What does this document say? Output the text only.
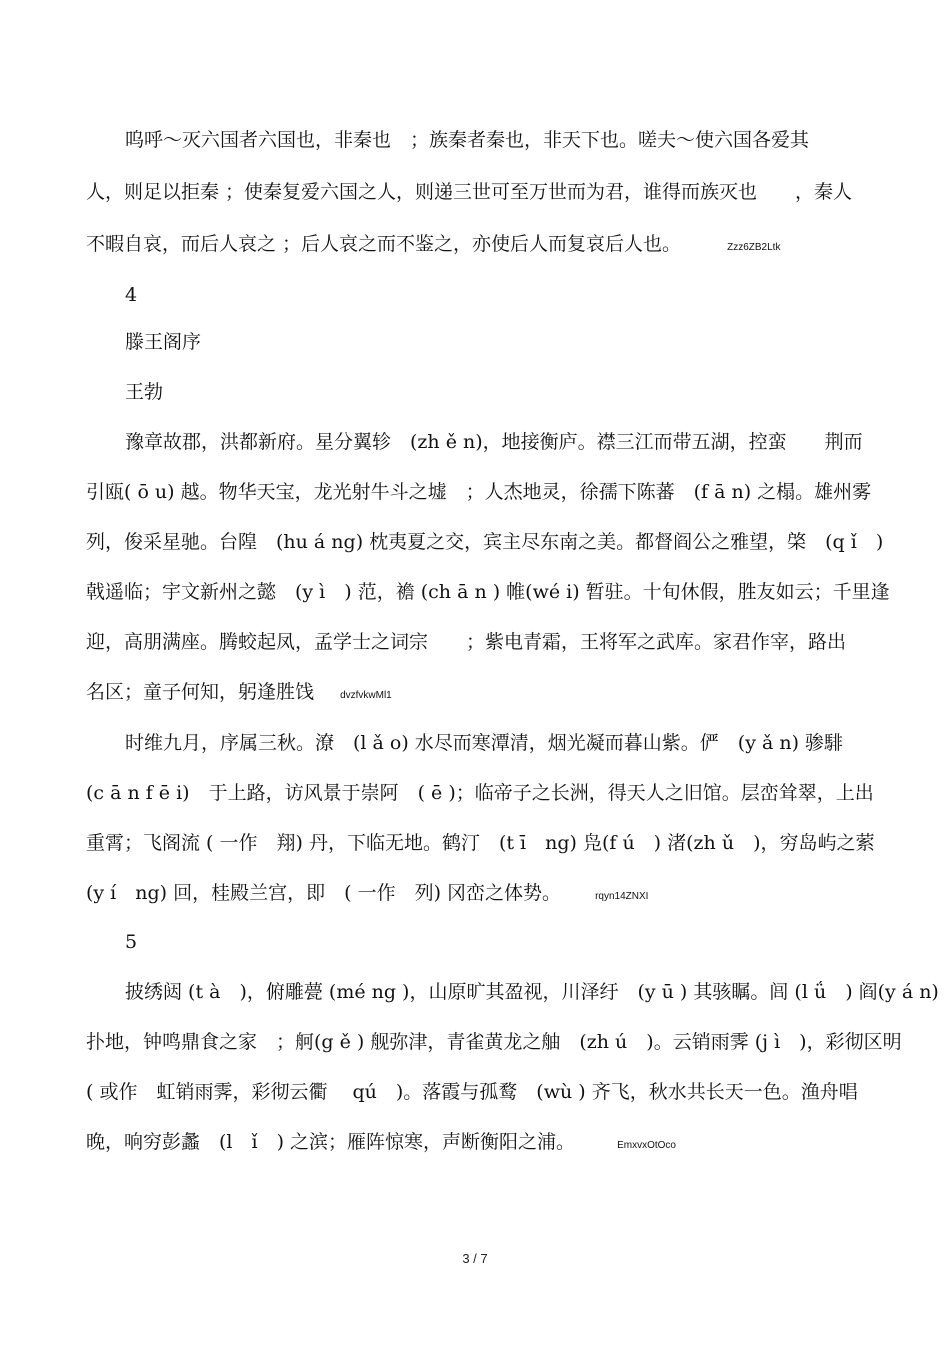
呜呼～灭六国者六国也，非秦也　；族秦者秦也，非天下也。嗟夫～使六国各爱其
人，则足以拒秦 ；使秦复爱六国之人，则递三世可至万世而为君，谁得而族灭也　　，秦人
不暇自哀，而后人哀之 ；后人哀之而不鉴之，亦使后人而复哀后人也。	Zzz6ZB2Ltk
4
滕王阁序
王勃
豫章故郡，洪都新府。星分翼轸　(zh ě n)，地接衡庐。襟三江而带五湖，控蛮　　荆而
引瓯( ō u) 越。物华天宝，龙光射牛斗之墟　；人杰地灵，徐孺下陈蕃　(f ā n) 之榻。雄州雾
列，俊采星驰。台隍　(hu á ng) 枕夷夏之交，宾主尽东南之美。都督阎公之雅望，棨　(q ǐ　)
戟遥临；宇文新州之懿　(y ì　) 范，襜 (ch ā n ) 帷(wé i) 暂驻。十旬休假，胜友如云；千里逢
迎，高朋满座。腾蛟起凤，孟学士之词宗　　；紫电青霜，王将军之武库。家君作宰，路出
名区；童子何知，躬逢胜饯	dvzfvkwMl1
时维九月，序属三秋。潦　(l ǎ o) 水尽而寒潭清，烟光凝而暮山紫。俨　(y ǎ n) 骖騑
(c ā n f ē i)　于上路，访风景于崇阿　( ē )；临帝子之长洲，得天人之旧馆。层峦耸翠，上出
重霄；飞阁流 ( 一作　翔) 丹，下临无地。鹤汀　(t ī　ng) 凫(f ú　) 渚(zh ǔ　)，穷岛屿之萦
(y í　ng) 回，桂殿兰宫，即　( 一作　列) 冈峦之体势。	rqyn14ZNXI
5
披绣闼 (t à　)，俯雕甍 (mé ng )，山原旷其盈视，川泽纡　(y ū ) 其骇瞩。闾 (l ǘ　) 阎(y á n)
扑地，钟鸣鼎食之家　；舸(g ě ) 舰弥津，青雀黄龙之舳　(zh ú　)。云销雨霁 (j ì　)，彩彻区明
( 或作　虹销雨霁，彩彻云衢　 qú　)。落霞与孤鹜　(wù ) 齐飞，秋水共长天一色。渔舟唱
晚，响穷彭蠡　(l　ǐ　) 之滨；雁阵惊寒，声断衡阳之浦。	EmxvxOtOco
3 / 7
